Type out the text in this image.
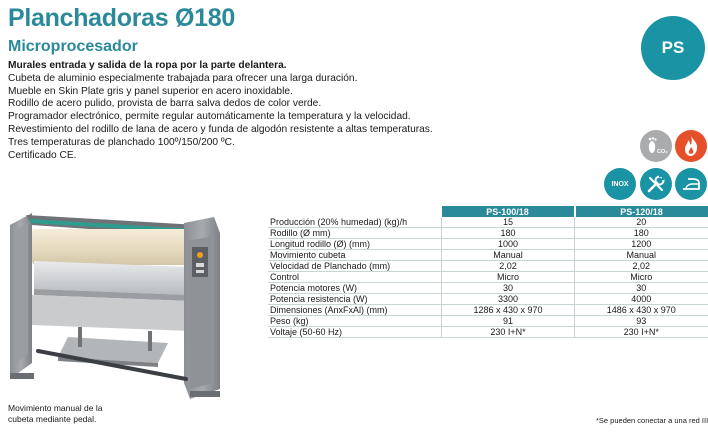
Planchadoras Ø180
Microprocesador	PS
Murales entrada y salida de la ropa por la parte delantera.
Cubeta de aluminio especialmente trabajada para ofrecer una larga duración.
Mueble en Skin Plate gris y panel superior en acero inoxidable.
Rodillo de acero pulido, provista de barra salva dedos de color verde.
Programador electrónico, permite regular automáticamente la temperatura y la velocidad.
Revestimiento del rodillo de lana de acero y funda de algodón resistente a altas temperaturas.
Tres temperaturas de planchado 100º/150/200 ºC.
Certificado CE.	CO₂
INOX
Movimiento manual de la cubeta mediante pedal.
	PS-100/18	PS-120/18
Producción (20% humedad) (kg)/h	15	20
Rodillo (Ø mm)	180	180
Longitud rodillo (Ø) (mm)	1000	1200
Movimiento cubeta	Manual	Manual
Velocidad de Planchado (mm)	2,02	2,02
Control	Micro	Micro
Potencia motores (W)	30	30
Potencia resistencia (W)	3300	4000
Dimensiones (AnxFxAl) (mm)	1286 x 430 x 970	1486 x 430 x 970
Peso (kg)	91	93
Voltaje (50-60 Hz)	230 I+N*	230 I+N*
*Se pueden conectar a una red III
